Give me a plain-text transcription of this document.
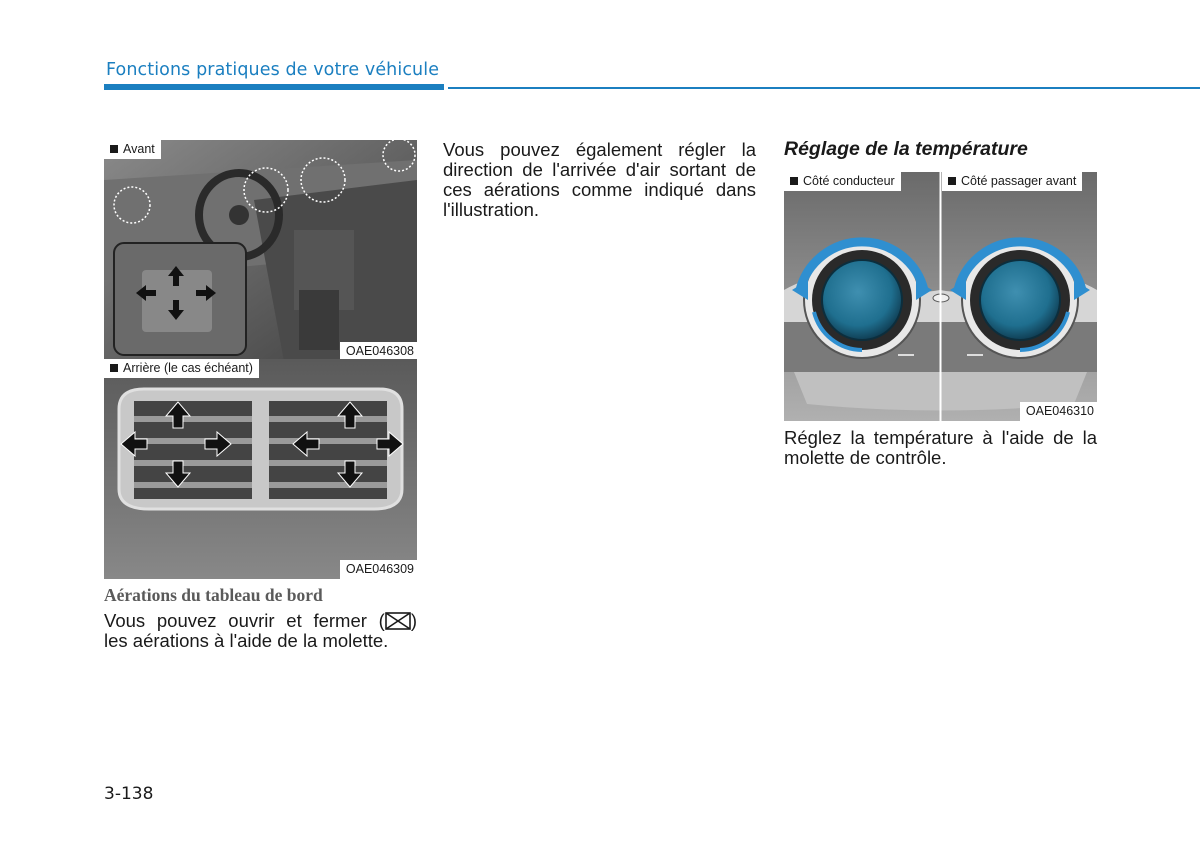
Fonctions pratiques de votre véhicule
Avant
OAE046308
Arrière (le cas échéant)
OAE046309
Aérations du tableau de bord
Vous pouvez ouvrir et fermer ( )
les aérations à l'aide de la molette.
Vous pouvez également régler la
direction de l'arrivée d'air sortant de
ces aérations comme indiqué dans
l'illustration.
Réglage de la température
Côté conducteur	Côté passager avant
OAE046310
Réglez la température à l'aide de la
molette de contrôle.
3-138
